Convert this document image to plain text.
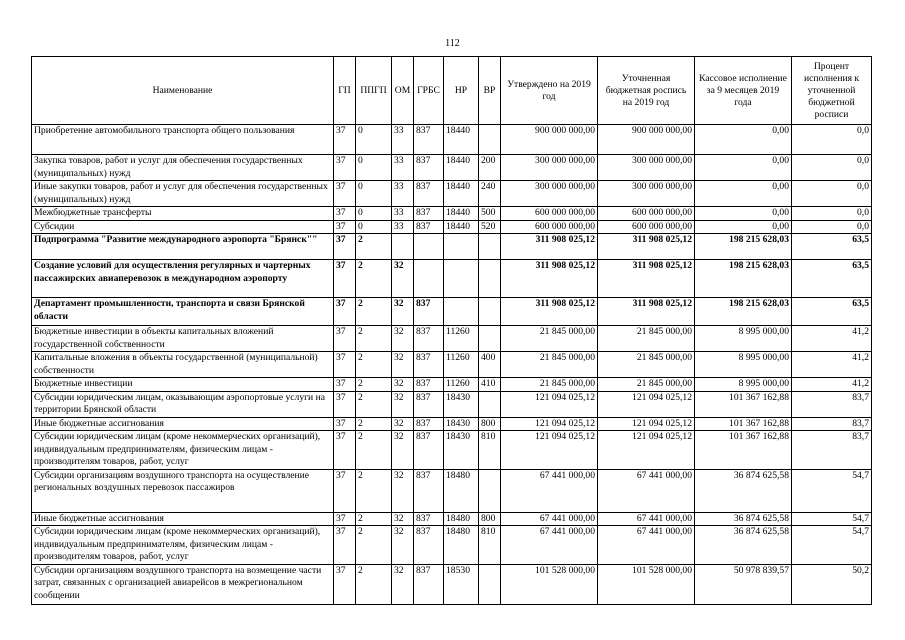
112
Наименование	ГП	ППГП	ОМ	ГРБС	НР	ВР	Утверждено на 2019 год	Уточненная бюджетная роспись на 2019 год	Кассовое исполнение за 9 месяцев 2019 года	Процент исполнения к уточненной бюджетной росписи
Приобретение автомобильного транспорта общего пользования	37	0	33	837	18440		900 000 000,00	900 000 000,00	0,00	0,0
Закупка товаров, работ и услуг для обеспечения государственных (муниципальных) нужд	37	0	33	837	18440	200	300 000 000,00	300 000 000,00	0,00	0,0
Иные закупки товаров, работ и услуг для обеспечения государственных (муниципальных) нужд	37	0	33	837	18440	240	300 000 000,00	300 000 000,00	0,00	0,0
Межбюджетные трансферты	37	0	33	837	18440	500	600 000 000,00	600 000 000,00	0,00	0,0
Субсидии	37	0	33	837	18440	520	600 000 000,00	600 000 000,00	0,00	0,0
Подпрограмма "Развитие международного аэропорта "Брянск""	37	2					311 908 025,12	311 908 025,12	198 215 628,03	63,5
Создание условий для осуществления регулярных и чартерных пассажирских авиаперевозок в международном аэропорту	37	2	32				311 908 025,12	311 908 025,12	198 215 628,03	63,5
Департамент промышленности, транспорта и связи Брянской области	37	2	32	837			311 908 025,12	311 908 025,12	198 215 628,03	63,5
Бюджетные инвестиции в объекты капитальных вложений государственной собственности	37	2	32	837	11260		21 845 000,00	21 845 000,00	8 995 000,00	41,2
Капитальные вложения в объекты государственной (муниципальной) собственности	37	2	32	837	11260	400	21 845 000,00	21 845 000,00	8 995 000,00	41,2
Бюджетные инвестиции	37	2	32	837	11260	410	21 845 000,00	21 845 000,00	8 995 000,00	41,2
Субсидии юридическим лицам, оказывающим аэропортовые услуги на территории Брянской области	37	2	32	837	18430		121 094 025,12	121 094 025,12	101 367 162,88	83,7
Иные бюджетные ассигнования	37	2	32	837	18430	800	121 094 025,12	121 094 025,12	101 367 162,88	83,7
Субсидии юридическим лицам (кроме некоммерческих организаций), индивидуальным предпринимателям, физическим лицам - производителям товаров, работ, услуг	37	2	32	837	18430	810	121 094 025,12	121 094 025,12	101 367 162,88	83,7
Субсидии организациям воздушного транспорта на осуществление региональных воздушных перевозок пассажиров	37	2	32	837	18480		67 441 000,00	67 441 000,00	36 874 625,58	54,7
Иные бюджетные ассигнования	37	2	32	837	18480	800	67 441 000,00	67 441 000,00	36 874 625,58	54,7
Субсидии юридическим лицам (кроме некоммерческих организаций), индивидуальным предпринимателям, физическим лицам - производителям товаров, работ, услуг	37	2	32	837	18480	810	67 441 000,00	67 441 000,00	36 874 625,58	54,7
Субсидии организациям воздушного транспорта на возмещение части затрат, связанных с организацией авиарейсов в межрегиональном сообщении	37	2	32	837	18530		101 528 000,00	101 528 000,00	50 978 839,57	50,2
